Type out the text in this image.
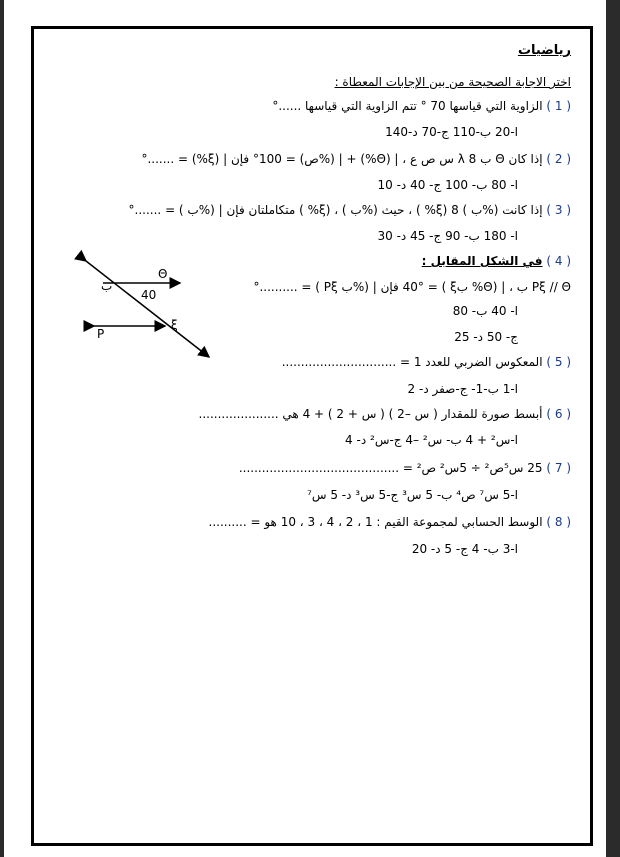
رياضيات
اختر الاجابة الصحيحة من بين الإجابات المعطاة :
( 1 ) الزاوية التي قياسها 70 ° تتم الزاوية التي قياسها ......°
ا-20 ب-110 ج-70 د-140
( 2 ) إذا كان Θ ب λ 8 س ص ع ، | (Θ%) + | (%ص) = 100° فإن | (ξ%) = .......°
ا- 80 ب- 100 ج- 40 د- 10
( 3 ) إذا كانت (%ب ) 8 (ξ% ) ، حيث (%ب ) ، (ξ% ) متكاملتان فإن | (%ب ) = .......°
ا- 180 ب- 90 ج- 45 د- 30
( 4 ) في الشكل المقابل :
Pξ // Θ ب ، | (Θ% بξ ) = 40° فإن | (%ب Pξ ) = ..........°
ا- 40 ب- 80
ج- 50 د- 25
( 5 ) المعكوس الضربي للعدد 1 = ..............................
ا-1 ب-1- ج-صفر د- 2
( 6 ) أبسط صورة للمقدار ( س –2 ) ( س + 2 ) + 4 هي .....................
ا-س² + 4 ب- س² –4 ج-س² د- 4
( 7 ) 25 س⁵ص² ÷ 5س² ص² = ..........................................
ا-5 س⁷ ص⁴ ب- 5 س³ ج-5 س³ د- 5 س⁷
( 8 ) الوسط الحسابي لمجموعة القيم : 1 ، 2 ، 4 ، 3 ، 10 هو = ..........
ا-3 ب- 4 ج- 5 د- 20
Θ
ب
40
ξ
P
